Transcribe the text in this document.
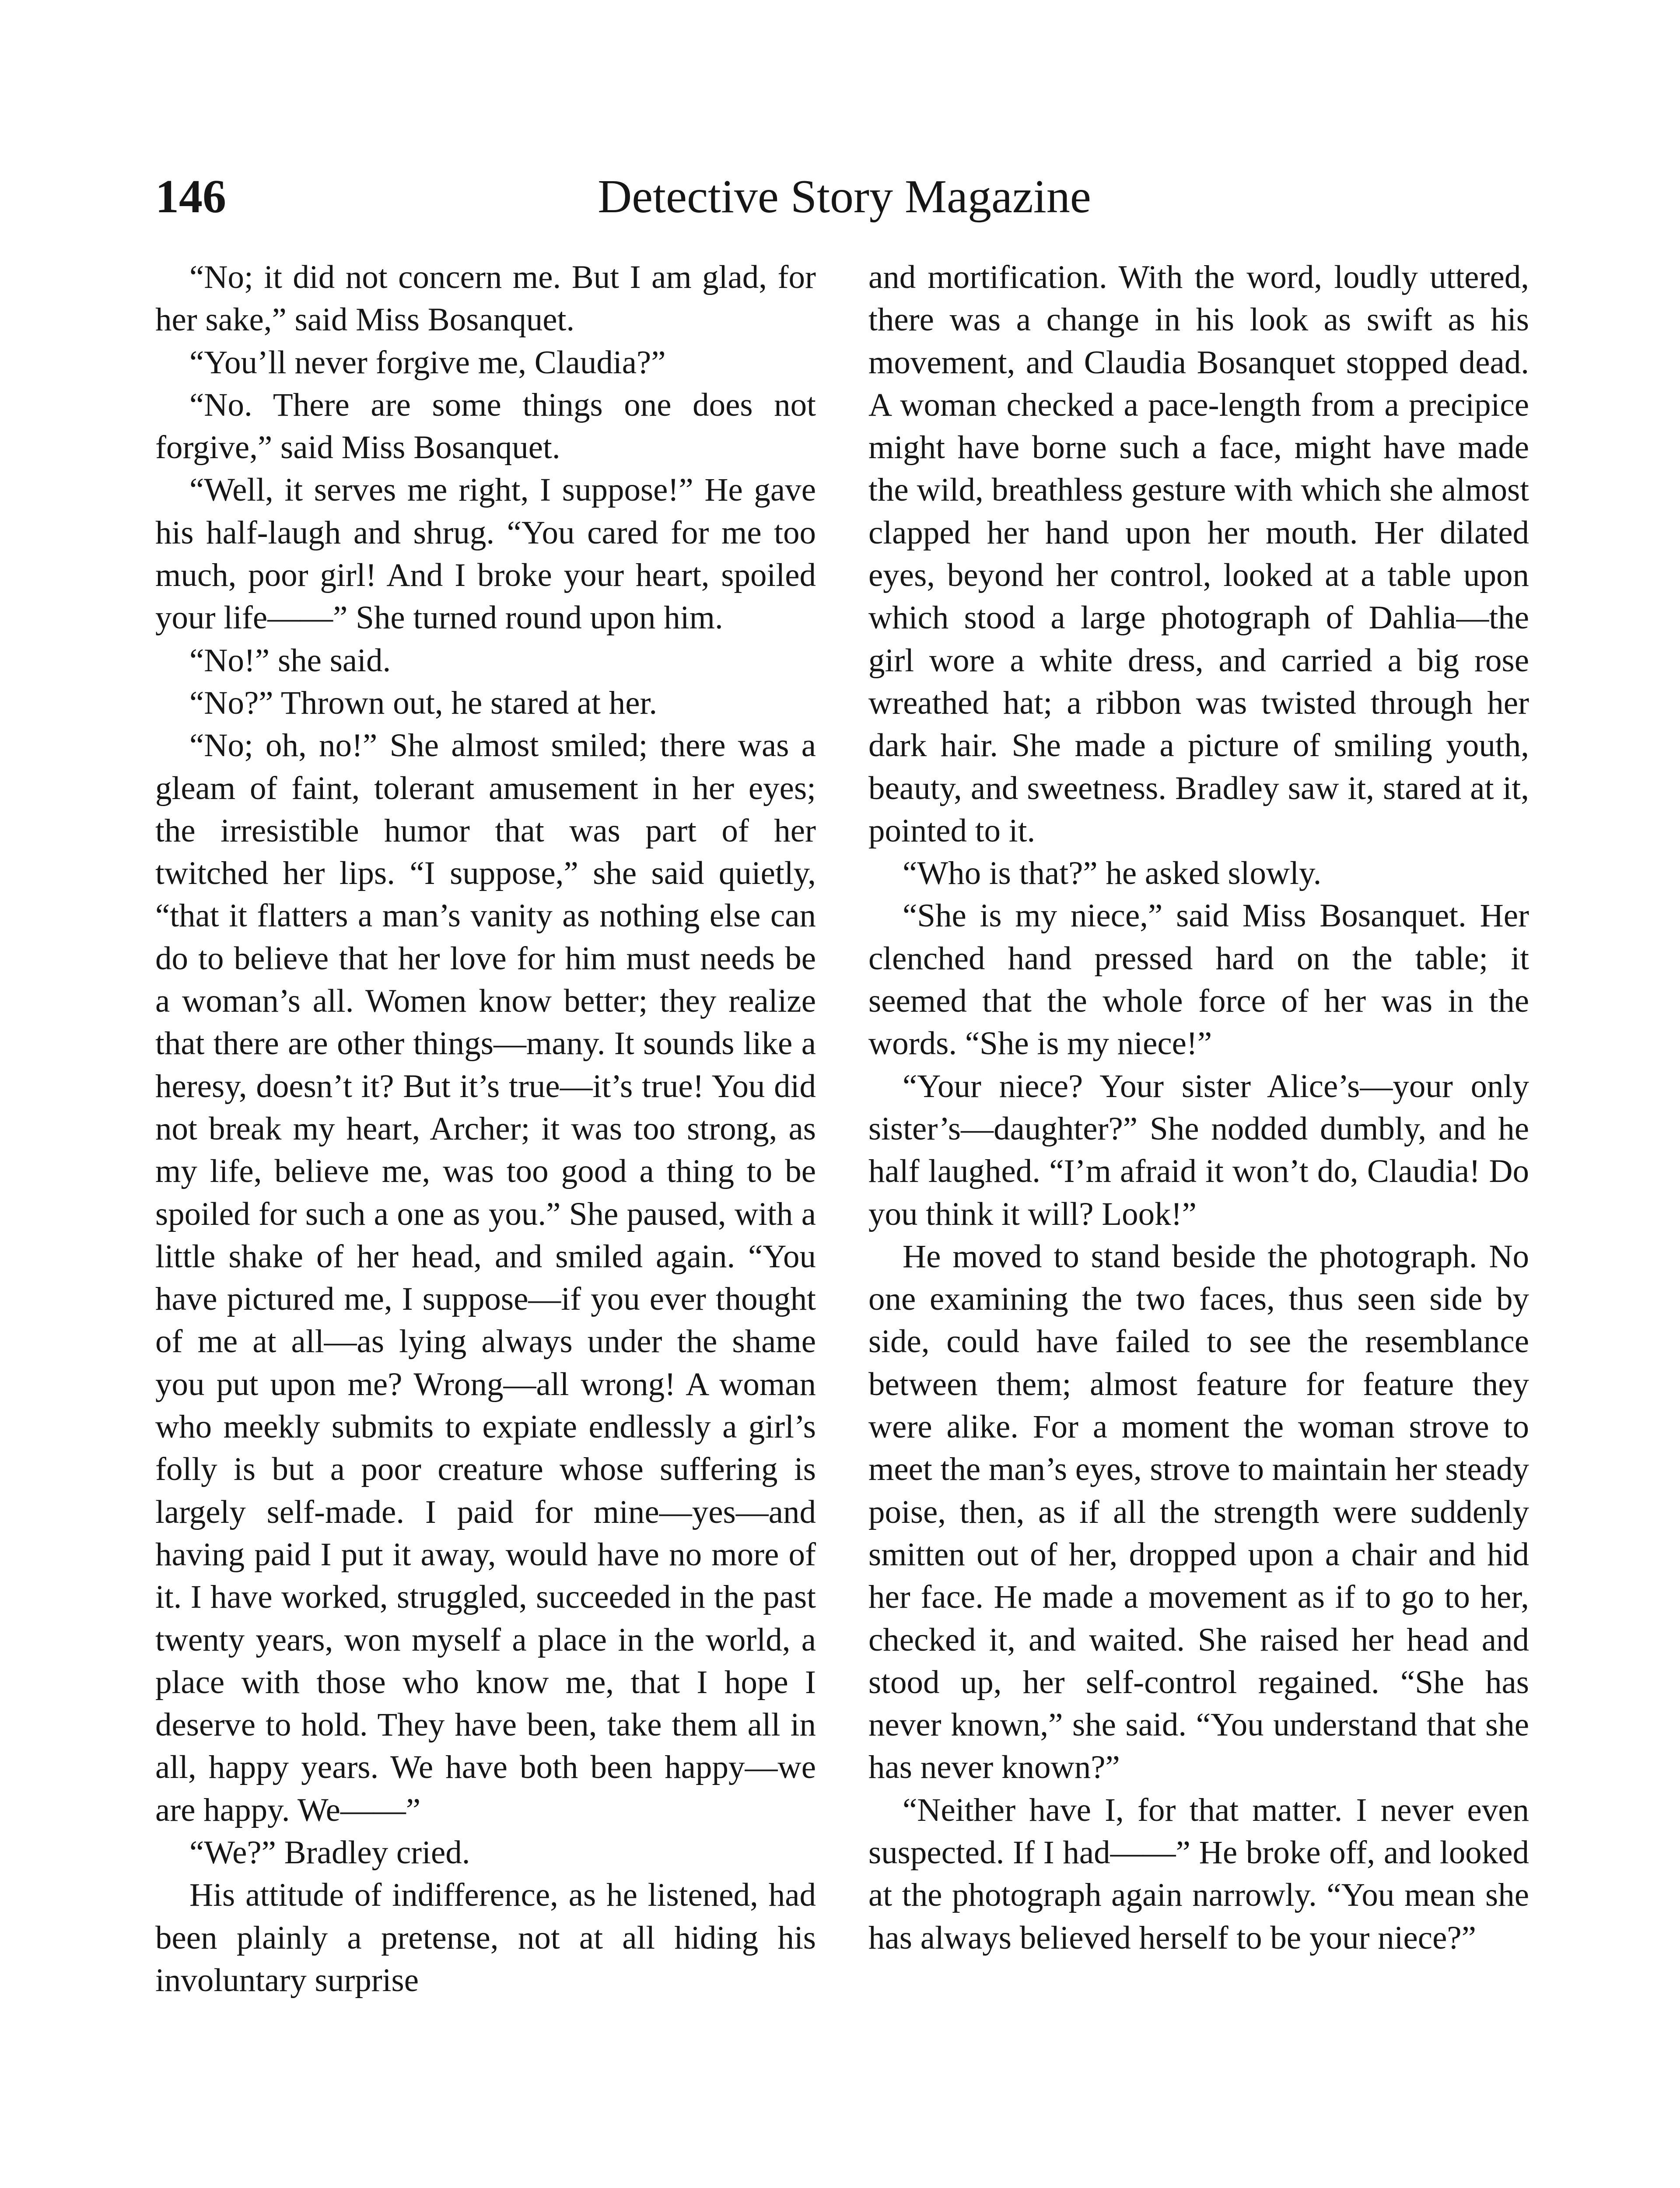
146	Detective Story Magazine

“No; it did not concern me. But I am glad, for her sake,” said Miss Bosanquet.

“You’ll never forgive me, Claudia?”

“No. There are some things one does not forgive,” said Miss Bosanquet.

“Well, it serves me right, I suppose!” He gave his half-laugh and shrug. “You cared for me too much, poor girl! And I broke your heart, spoiled your life——” She turned round upon him.

“No!” she said.

“No?” Thrown out, he stared at her.

“No; oh, no!” She almost smiled; there was a gleam of faint, tolerant amusement in her eyes; the irresistible humor that was part of her twitched her lips. “I suppose,” she said quietly, “that it flatters a man’s vanity as nothing else can do to believe that her love for him must needs be a woman’s all. Women know better; they realize that there are other things—many. It sounds like a heresy, doesn’t it? But it’s true—it’s true! You did not break my heart, Archer; it was too strong, as my life, believe me, was too good a thing to be spoiled for such a one as you.” She paused, with a little shake of her head, and smiled again. “You have pictured me, I suppose—if you ever thought of me at all—as lying always under the shame you put upon me? Wrong—all wrong! A woman who meekly submits to expiate endlessly a girl’s folly is but a poor creature whose suffering is largely self-made. I paid for mine—yes—and having paid I put it away, would have no more of it. I have worked, struggled, succeeded in the past twenty years, won myself a place in the world, a place with those who know me, that I hope I deserve to hold. They have been, take them all in all, happy years. We have both been happy—we are happy. We——”

“We?” Bradley cried.

His attitude of indifference, as he listened, had been plainly a pretense, not at all hiding his involuntary surprise

and mortification. With the word, loudly uttered, there was a change in his look as swift as his movement, and Claudia Bosanquet stopped dead. A woman checked a pace-length from a precipice might have borne such a face, might have made the wild, breathless gesture with which she almost clapped her hand upon her mouth. Her dilated eyes, beyond her control, looked at a table upon which stood a large photograph of Dahlia—the girl wore a white dress, and carried a big rose wreathed hat; a ribbon was twisted through her dark hair. She made a picture of smiling youth, beauty, and sweetness. Bradley saw it, stared at it, pointed to it.

“Who is that?” he asked slowly.

“She is my niece,” said Miss Bosanquet. Her clenched hand pressed hard on the table; it seemed that the whole force of her was in the words. “She is my niece!”

“Your niece? Your sister Alice’s—your only sister’s—daughter?” She nodded dumbly, and he half laughed. “I’m afraid it won’t do, Claudia! Do you think it will? Look!”

He moved to stand beside the photograph. No one examining the two faces, thus seen side by side, could have failed to see the resemblance between them; almost feature for feature they were alike. For a moment the woman strove to meet the man’s eyes, strove to maintain her steady poise, then, as if all the strength were suddenly smitten out of her, dropped upon a chair and hid her face. He made a movement as if to go to her, checked it, and waited. She raised her head and stood up, her self-control regained. “She has never known,” she said. “You understand that she has never known?”

“Neither have I, for that matter. I never even suspected. If I had——” He broke off, and looked at the photograph again narrowly. “You mean she has always believed herself to be your niece?”
